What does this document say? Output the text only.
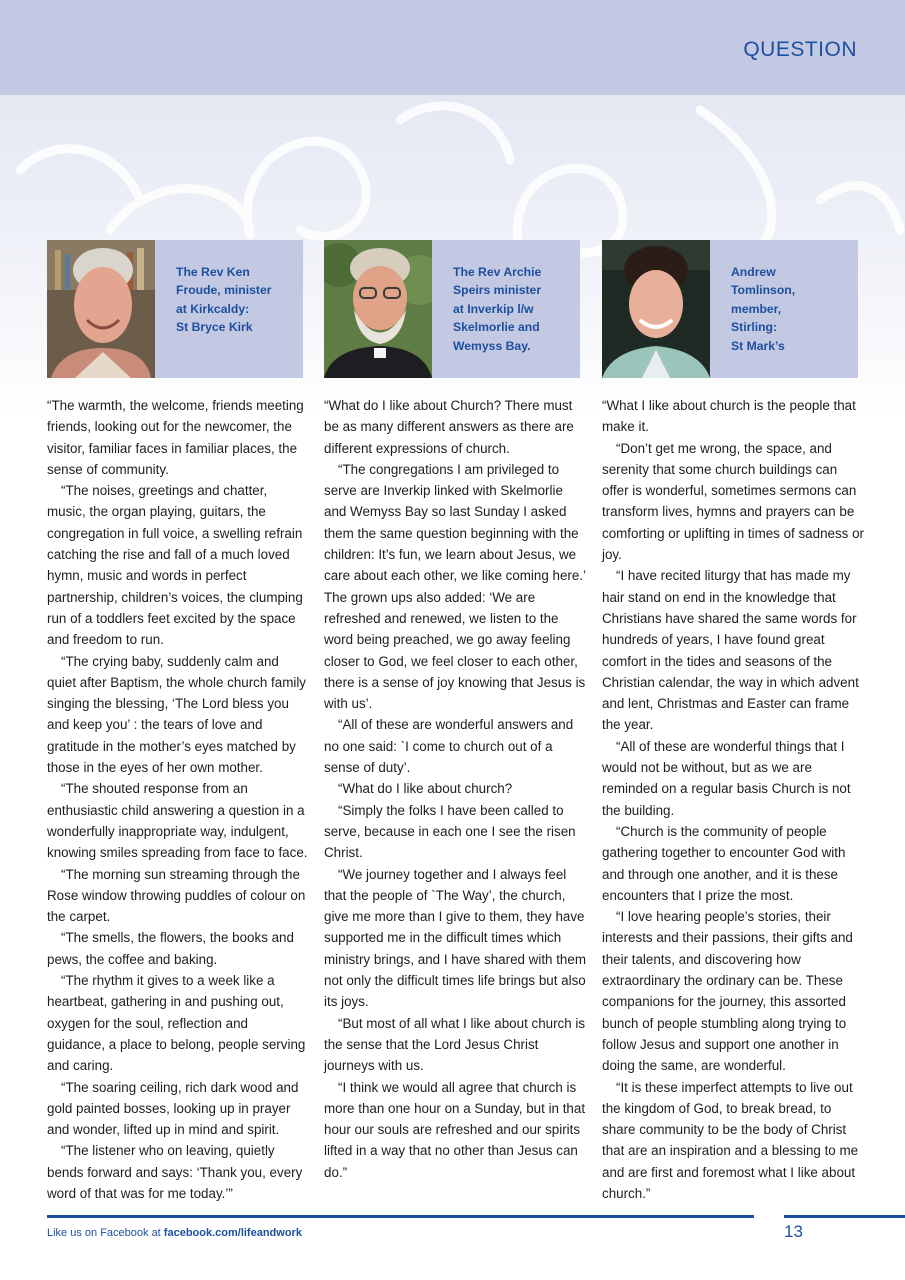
QUESTION
The Rev Ken
Froude, minister
at Kirkcaldy:
St Bryce Kirk
The Rev Archie
Speirs minister
at Inverkip l/w
Skelmorlie and
Wemyss Bay.
Andrew
Tomlinson,
member,
Stirling:
St Mark’s

“The warmth, the welcome, friends meeting friends, looking out for the newcomer, the visitor, familiar faces in familiar places, the sense of community.

“The noises, greetings and chatter, music, the organ playing, guitars, the congregation in full voice, a swelling refrain catching the rise and fall of a much loved hymn, music and words in perfect partnership, children’s voices, the clumping run of a toddlers feet excited by the space and freedom to run.

“The crying baby, suddenly calm and quiet after Baptism, the whole church family singing the blessing, ‘The Lord bless you and keep you’ : the tears of love and gratitude in the mother’s eyes matched by those in the eyes of her own mother.

“The shouted response from an enthusiastic child answering a question in a wonderfully inappropriate way, indulgent, knowing smiles spreading from face to face.

“The morning sun streaming through the Rose window throwing puddles of colour on the carpet.

“The smells, the flowers, the books and pews, the coffee and baking.

“The rhythm it gives to a week like a heartbeat, gathering in and pushing out, oxygen for the soul, reflection and guidance, a place to belong, people serving and caring.

“The soaring ceiling, rich dark wood and gold painted bosses, looking up in prayer and wonder, lifted up in mind and spirit.

“The listener who on leaving, quietly bends forward and says: ‘Thank you, every word of that was for me today.’”

“What do I like about Church? There must be as many different answers as there are different expressions of church.

“The congregations I am privileged to serve are Inverkip linked with Skelmorlie and Wemyss Bay so last Sunday I asked them the same question beginning with the children: It’s fun, we learn about Jesus, we care about each other, we like coming here.’ The grown ups also added: ‘We are refreshed and renewed, we listen to the word being preached, we go away feeling closer to God, we feel closer to each other, there is a sense of joy knowing that Jesus is with us’.

“All of these are wonderful answers and no one said: `I come to church out of a sense of duty’.

“What do I like about church?

“Simply the folks I have been called to serve, because in each one I see the risen Christ.

“We journey together and I always feel that the people of `The Way’, the church, give me more than I give to them, they have supported me in the difficult times which ministry brings, and I have shared with them not only the difficult times life brings but also its joys.

“But most of all what I like about church is the sense that the Lord Jesus Christ journeys with us.

“I think we would all agree that church is more than one hour on a Sunday, but in that hour our souls are refreshed and our spirits lifted in a way that no other than Jesus can do.”

“What I like about church is the people that make it.

“Don’t get me wrong, the space, and serenity that some church buildings can offer is wonderful, sometimes sermons can transform lives, hymns and prayers can be comforting or uplifting in times of sadness or joy.

“I have recited liturgy that has made my hair stand on end in the knowledge that Christians have shared the same words for hundreds of years, I have found great comfort in the tides and seasons of the Christian calendar, the way in which advent and lent, Christmas and Easter can frame the year.

“All of these are wonderful things that I would not be without, but as we are reminded on a regular basis Church is not the building.

“Church is the community of people gathering together to encounter God with and through one another, and it is these encounters that I prize the most.

“I love hearing people’s stories, their interests and their passions, their gifts and their talents, and discovering how extraordinary the ordinary can be. These companions for the journey, this assorted bunch of people stumbling along trying to follow Jesus and support one another in doing the same, are wonderful.

“It is these imperfect attempts to live out the kingdom of God, to break bread, to share community to be the body of Christ that are an inspiration and a blessing to me and are first and foremost what I like about church.”

Like us on Facebook at facebook.com/lifeandwork	13
